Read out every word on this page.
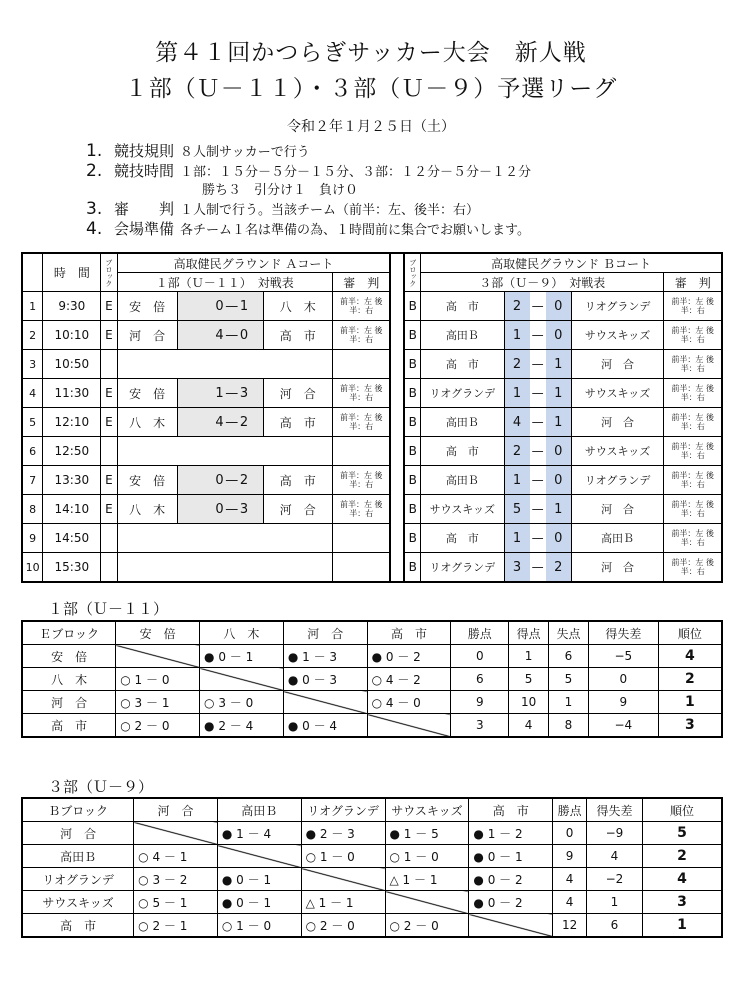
第４１回かつらぎサッカー大会　新人戦
１部（Ｕ－１１）・３部（Ｕ－９）予選リーグ
令和２年１月２５日（土）
1. 競技規則 ８人制サッカーで行う
2. 競技時間 １部：１５分－５分－１５分、３部：１２分－５分－１２分
勝ち３　引分け１　負け０
3. 審　　判 １人制で行う。当該チーム（前半：左、後半：右）
4. 会場準備 各チーム１名は準備の為、１時間前に集合でお願いします。
	時　間	ブロック	高取健民グラウンド Ａコート							ブロック	高取健民グラウンド Ｂコート					
			１部（Ｕ－１１）　対戦表					審　判			３部（Ｕ－９）　対戦表					審　判
1	9:30	E	安　倍	0	—	1	八　木	前半：左 後半：右		B	高　市	2	—	0	リオグランデ	前半：左 後半：右
2	10:10	E	河　合	4	—	0	高　市	前半：左 後半：右		B	高田Ｂ	1	—	0	サウスキッズ	前半：左 後半：右
3	10:50									B	高　市	2	—	1	河　合	前半：左 後半：右
4	11:30	E	安　倍	1	—	3	河　合	前半：左 後半：右		B	リオグランデ	1	—	1	サウスキッズ	前半：左 後半：右
5	12:10	E	八　木	4	—	2	高　市	前半：左 後半：右		B	高田Ｂ	4	—	1	河　合	前半：左 後半：右
6	12:50									B	高　市	2	—	0	サウスキッズ	前半：左 後半：右
7	13:30	E	安　倍	0	—	2	高　市	前半：左 後半：右		B	高田Ｂ	1	—	0	リオグランデ	前半：左 後半：右
8	14:10	E	八　木	0	—	3	河　合	前半：左 後半：右		B	サウスキッズ	5	—	1	河　合	前半：左 後半：右
9	14:50									B	高　市	1	—	0	高田Ｂ	前半：左 後半：右
10	15:30									B	リオグランデ	3	—	2	河　合	前半：左 後半：右
１部（Ｕ－１１）
Ｅブロック	安　倍	八　木	河　合	高　市	勝点	得点	失点	得失差	順位
安　倍		● 0 － 1	● 1 － 3	● 0 － 2	0	1	6	−5	4
八　木	○ 1 － 0		● 0 － 3	○ 4 － 2	6	5	5	0	2
河　合	○ 3 － 1	○ 3 － 0		○ 4 － 0	9	10	1	9	1
高　市	○ 2 － 0	● 2 － 4	● 0 － 4		3	4	8	−4	3
３部（Ｕ－９）
Ｂブロック	河　合	高田Ｂ	リオグランデ	サウスキッズ	高　市	勝点	得失差	順位
河　合		● 1 － 4	● 2 － 3	● 1 － 5	● 1 － 2	0	−9	5
高田Ｂ	○ 4 － 1		○ 1 － 0	○ 1 － 0	● 0 － 1	9	4	2
リオグランデ	○ 3 － 2	● 0 － 1		△ 1 － 1	● 0 － 2	4	−2	4
サウスキッズ	○ 5 － 1	● 0 － 1	△ 1 － 1		● 0 － 2	4	1	3
高　市	○ 2 － 1	○ 1 － 0	○ 2 － 0	○ 2 － 0		12	6	1
